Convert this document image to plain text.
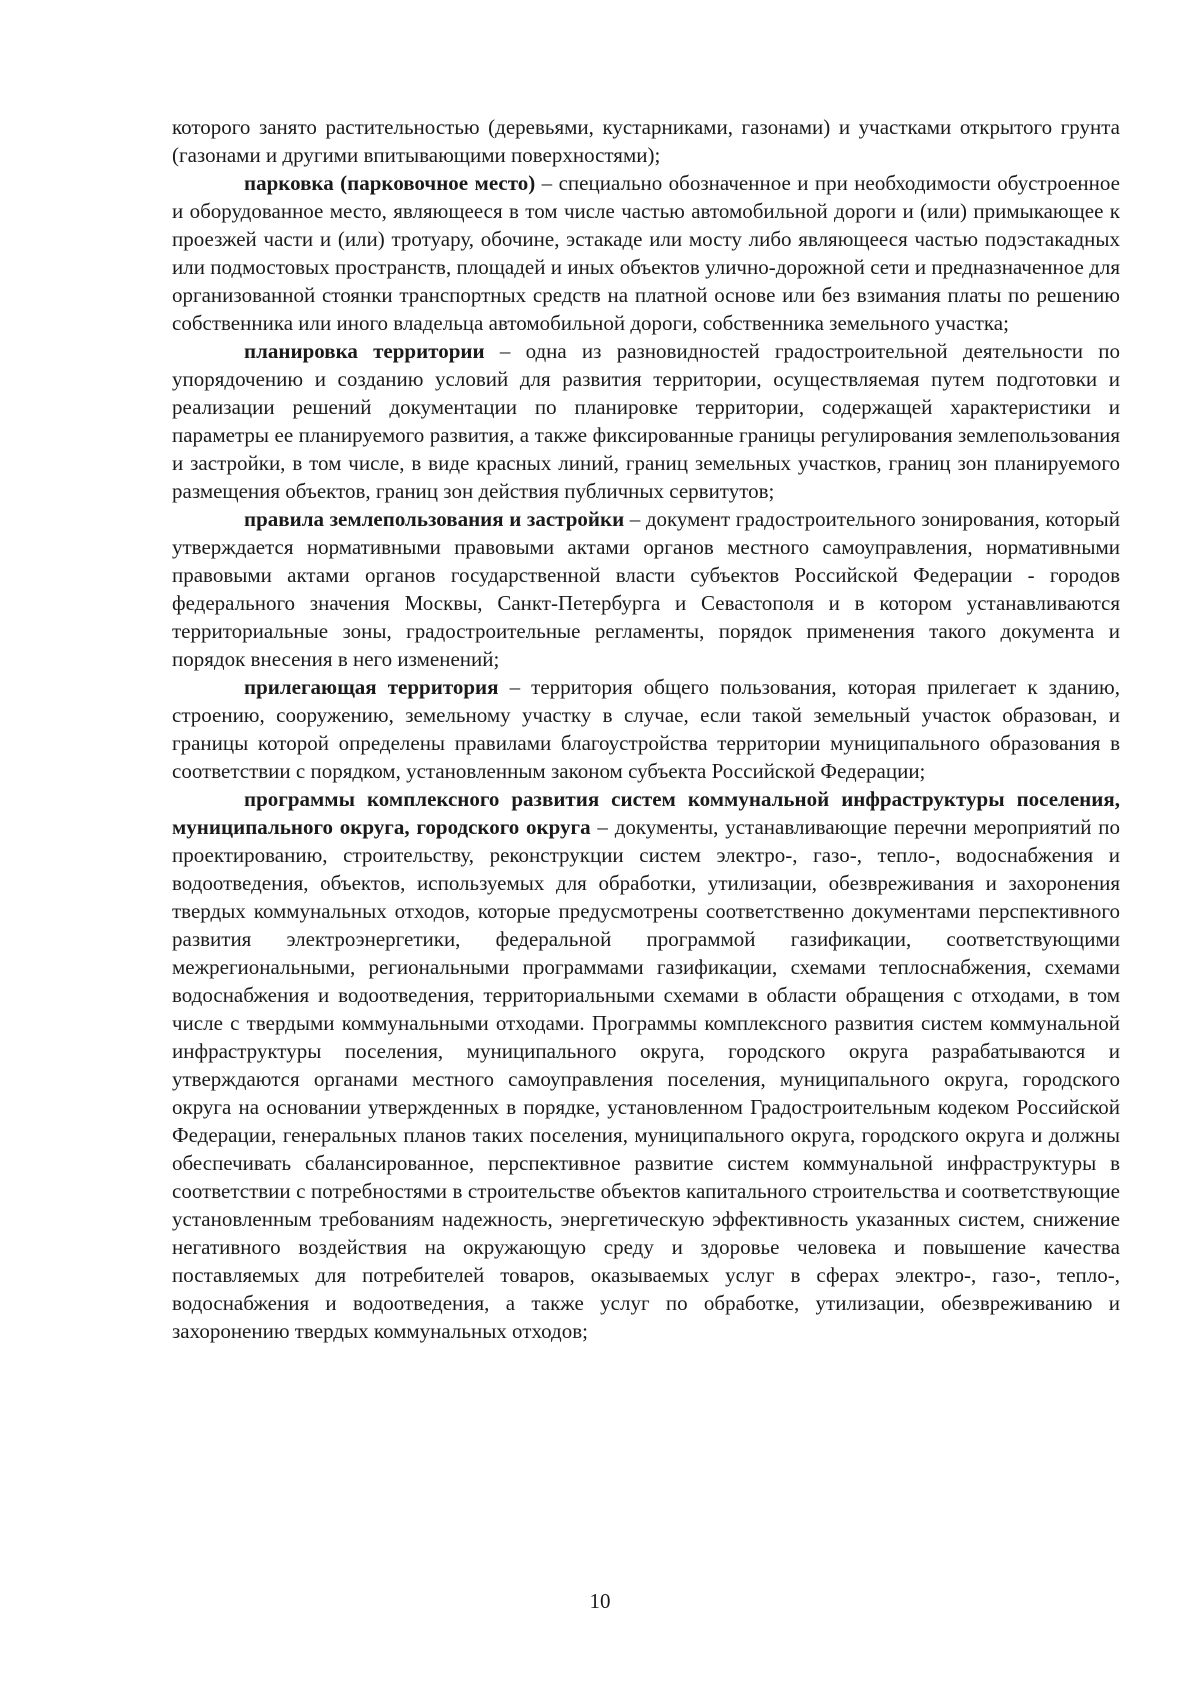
которого занято растительностью (деревьями, кустарниками, газонами) и участками открытого грунта (газонами и другими впитывающими поверхностями);

парковка (парковочное место) – специально обозначенное и при необходимости обустроенное и оборудованное место, являющееся в том числе частью автомобильной дороги и (или) примыкающее к проезжей части и (или) тротуару, обочине, эстакаде или мосту либо являющееся частью подэстакадных или подмостовых пространств, площадей и иных объектов улично-дорожной сети и предназначенное для организованной стоянки транспортных средств на платной основе или без взимания платы по решению собственника или иного владельца автомобильной дороги, собственника земельного участка;

планировка территории – одна из разновидностей градостроительной деятельности по упорядочению и созданию условий для развития территории, осуществляемая путем подготовки и реализации решений документации по планировке территории, содержащей характеристики и параметры ее планируемого развития, а также фиксированные границы регулирования землепользования и застройки, в том числе, в виде красных линий, границ земельных участков, границ зон планируемого размещения объектов, границ зон действия публичных сервитутов;

правила землепользования и застройки – документ градостроительного зонирования, который утверждается нормативными правовыми актами органов местного самоуправления, нормативными правовыми актами органов государственной власти субъектов Российской Федерации - городов федерального значения Москвы, Санкт-Петербурга и Севастополя и в котором устанавливаются территориальные зоны, градостроительные регламенты, порядок применения такого документа и порядок внесения в него изменений;

прилегающая территория – территория общего пользования, которая прилегает к зданию, строению, сооружению, земельному участку в случае, если такой земельный участок образован, и границы которой определены правилами благоустройства территории муниципального образования в соответствии с порядком, установленным законом субъекта Российской Федерации;

программы комплексного развития систем коммунальной инфраструктуры поселения, муниципального округа, городского округа – документы, устанавливающие перечни мероприятий по проектированию, строительству, реконструкции систем электро-, газо-, тепло-, водоснабжения и водоотведения, объектов, используемых для обработки, утилизации, обезвреживания и захоронения твердых коммунальных отходов, которые предусмотрены соответственно документами перспективного развития электроэнергетики, федеральной программой газификации, соответствующими межрегиональными, региональными программами газификации, схемами теплоснабжения, схемами водоснабжения и водоотведения, территориальными схемами в области обращения с отходами, в том числе с твердыми коммунальными отходами. Программы комплексного развития систем коммунальной инфраструктуры поселения, муниципального округа, городского округа разрабатываются и утверждаются органами местного самоуправления поселения, муниципального округа, городского округа на основании утвержденных в порядке, установленном Градостроительным кодеком Российской Федерации, генеральных планов таких поселения, муниципального округа, городского округа и должны обеспечивать сбалансированное, перспективное развитие систем коммунальной инфраструктуры в соответствии с потребностями в строительстве объектов капитального строительства и соответствующие установленным требованиям надежность, энергетическую эффективность указанных систем, снижение негативного воздействия на окружающую среду и здоровье человека и повышение качества поставляемых для потребителей товаров, оказываемых услуг в сферах электро-, газо-, тепло-, водоснабжения и водоотведения, а также услуг по обработке, утилизации, обезвреживанию и захоронению твердых коммунальных отходов;

10
